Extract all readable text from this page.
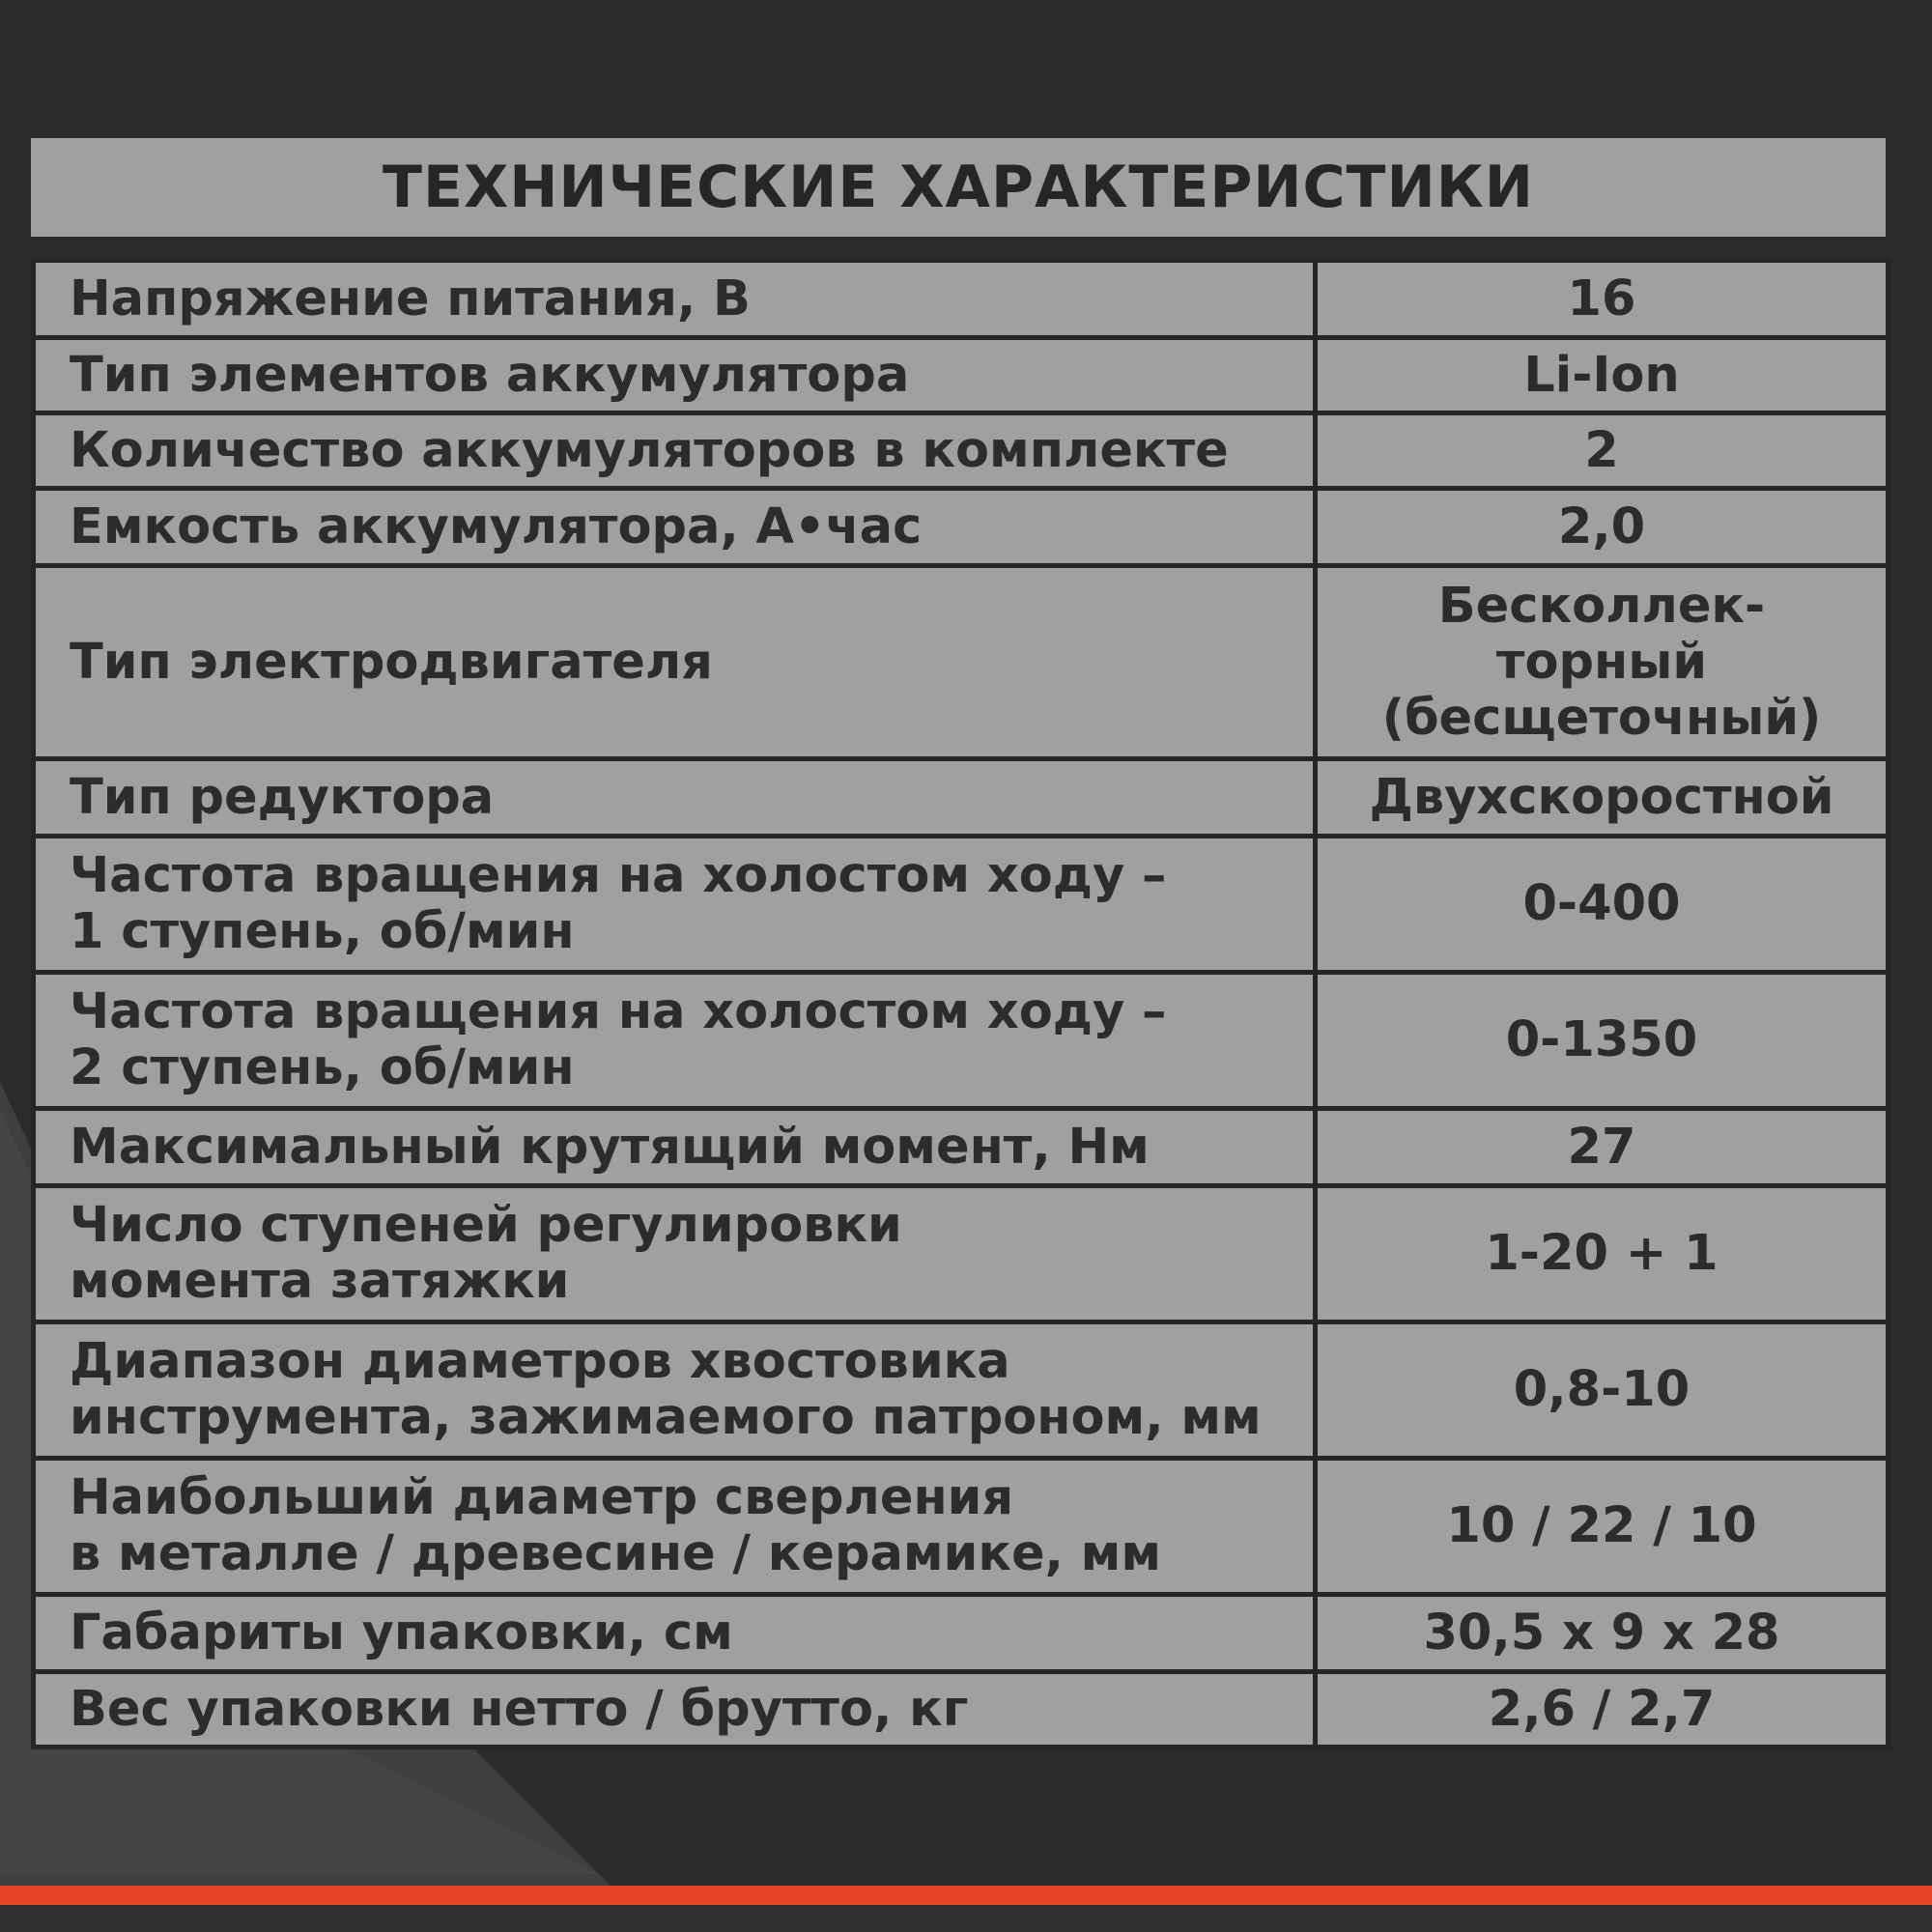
ТЕХНИЧЕСКИЕ ХАРАКТЕРИСТИКИ
Напряжение питания, В	16
Тип элементов аккумулятора	Li-Ion
Количество аккумуляторов в комплекте	2
Емкость аккумулятора, А•час	2,0
Тип электродвигателя	Бесколлек-
торный
(бесщеточный)
Тип редуктора	Двухскоростной
Частота вращения на холостом ходу –
1 ступень, об/мин	0-400
Частота вращения на холостом ходу –
2 ступень, об/мин	0-1350
Максимальный крутящий момент, Нм	27
Число ступеней регулировки
момента затяжки	1-20 + 1
Диапазон диаметров хвостовика
инструмента, зажимаемого патроном, мм	0,8-10
Наибольший диаметр сверления
в металле / древесине / керамике, мм	10 / 22 / 10
Габариты упаковки, см	30,5 x 9 x 28
Вес упаковки нетто / брутто, кг	2,6 / 2,7
